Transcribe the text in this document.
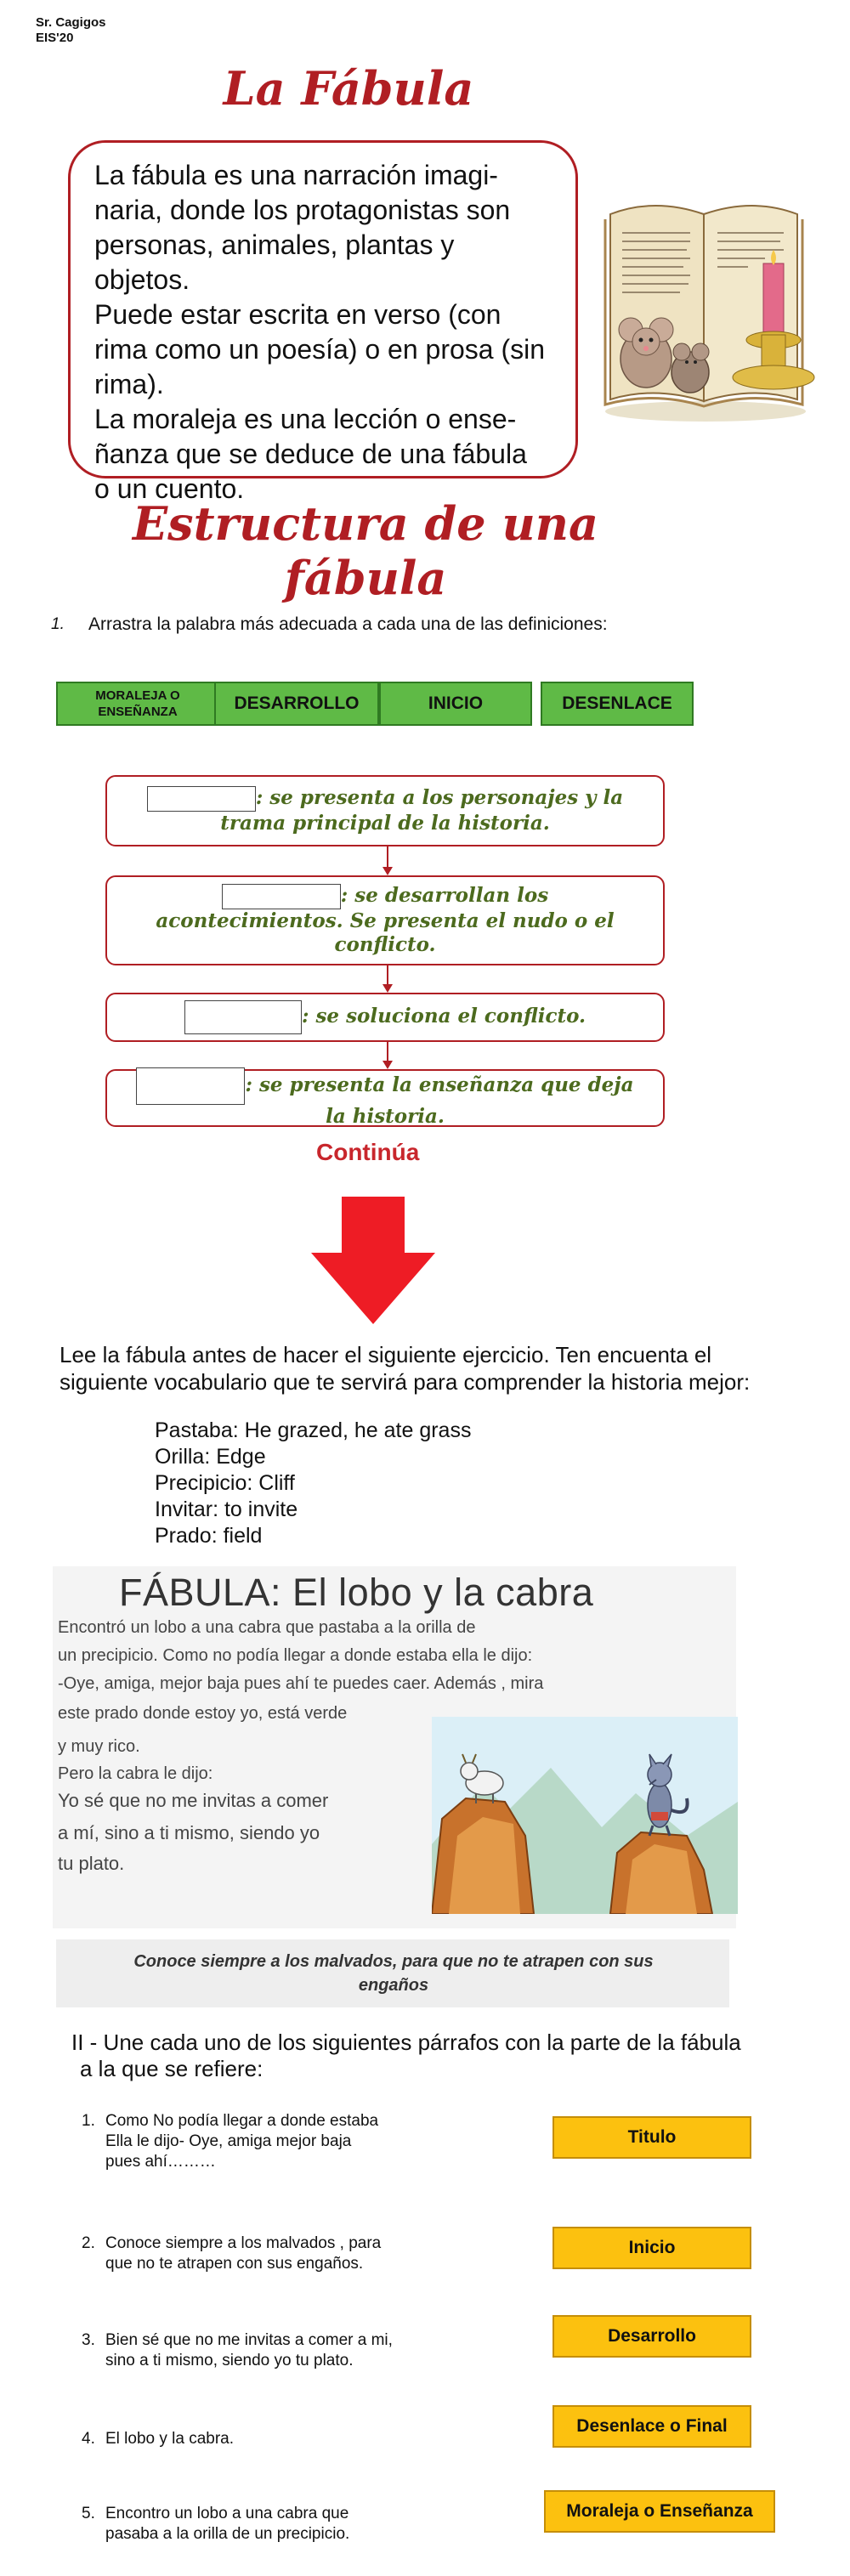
Sr. Cagigos
EIS'20
La Fábula
La fábula es una narración imagi-
naria, donde los protagonistas son
personas, animales, plantas y objetos.
Puede estar escrita en verso (con
rima como un poesía) o en prosa (sin
rima).
La moraleja es una lección o ense-
ñanza que se deduce de una fábula
o un cuento.
Estructura de una
fábula
1. Arrastra la palabra más adecuada a cada una de las definiciones:
MORALEJA O ENSEÑANZA	DESARROLLO	INICIO	DESENLACE
: se presenta a los personajes y la
trama principal de la historia.
: se desarrollan los
acontecimientos. Se presenta el nudo o el
conflicto.
: se soluciona el conflicto.
: se presenta la enseñanza que deja
la historia.
Continúa
Lee la fábula antes de hacer el siguiente ejercicio. Ten encuenta el
siguiente vocabulario que te servirá para comprender la historia mejor:
Pastaba: He grazed, he ate grass
Orilla: Edge
Precipicio: Cliff
Invitar: to invite
Prado: field
FÁBULA: El lobo y la cabra
Encontró un lobo a una cabra que pastaba a la orilla de
un precipicio. Como no podía llegar a donde estaba ella le dijo:
-Oye, amiga, mejor baja pues ahí te puedes caer. Además , mira
este prado donde estoy yo, está verde
y muy rico.
Pero la cabra le dijo:
Yo sé que no me invitas a comer
a mí, sino a ti mismo, siendo yo
tu plato.
Conoce siempre a los malvados, para que no te atrapen con sus
engaños
II - Une cada uno de los siguientes párrafos con la parte de la fábula
a la que se refiere:
1. Como No podía llegar a donde estaba
Ella le dijo- Oye, amiga mejor baja
pues ahí………
2. Conoce siempre a los malvados , para
que no te atrapen con sus engaños.
3. Bien sé que no me invitas a comer a mi,
sino a ti mismo, siendo yo tu plato.
4. El lobo y la cabra.
5. Encontro un lobo a una cabra que
pasaba a la orilla de un precipicio.
Titulo
Inicio
Desarrollo
Desenlace o Final
Moraleja o Enseñanza
